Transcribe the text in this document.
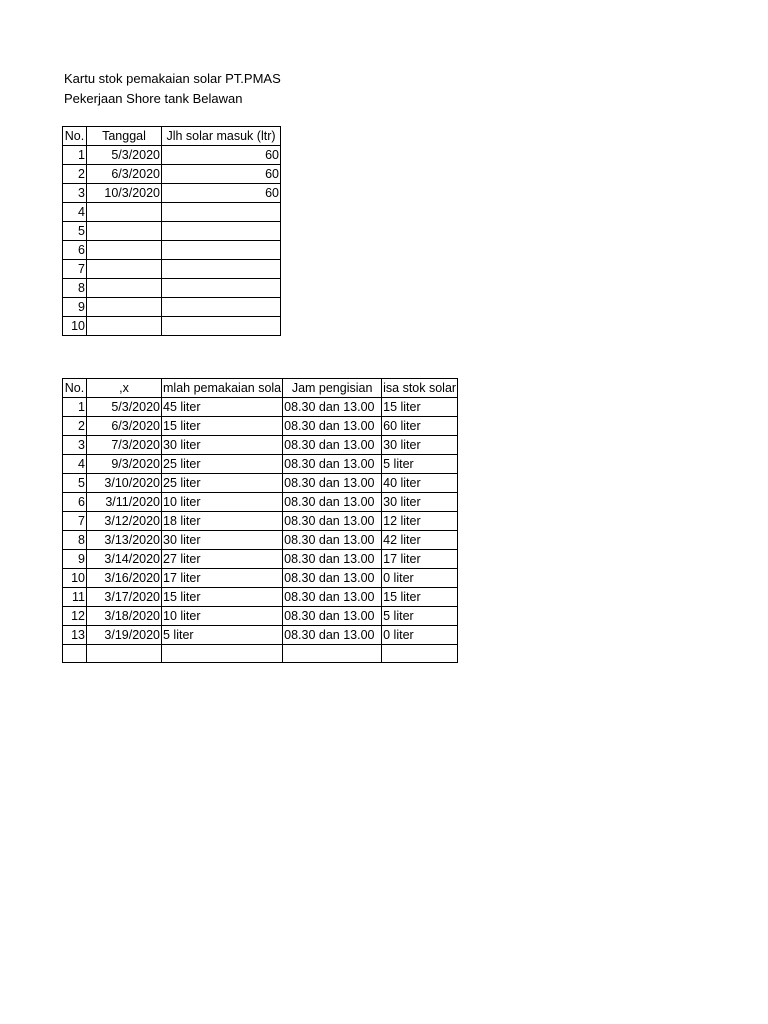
Kartu stok pemakaian solar PT.PMAS
Pekerjaan Shore tank Belawan
No.	Tanggal	Jlh solar masuk (ltr)
1	5/3/2020	60
2	6/3/2020	60
3	10/3/2020	60
4		
5		
6		
7		
8		
9		
10		
No.	,x	mlah pemakaian sola	Jam pengisian	isa stok solar
1	5/3/2020	45 liter	08.30 dan 13.00	15 liter
2	6/3/2020	15 liter	08.30 dan 13.00	60 liter
3	7/3/2020	30 liter	08.30 dan 13.00	30 liter
4	9/3/2020	25 liter	08.30 dan 13.00	5 liter
5	3/10/2020	25 liter	08.30 dan 13.00	40 liter
6	3/11/2020	10 liter	08.30 dan 13.00	30 liter
7	3/12/2020	18 liter	08.30 dan 13.00	12 liter
8	3/13/2020	30 liter	08.30 dan 13.00	42 liter
9	3/14/2020	27 liter	08.30 dan 13.00	17 liter
10	3/16/2020	17 liter	08.30 dan 13.00	0 liter
11	3/17/2020	15 liter	08.30 dan 13.00	15 liter
12	3/18/2020	10 liter	08.30 dan 13.00	5 liter
13	3/19/2020	5 liter	08.30 dan 13.00	0 liter
